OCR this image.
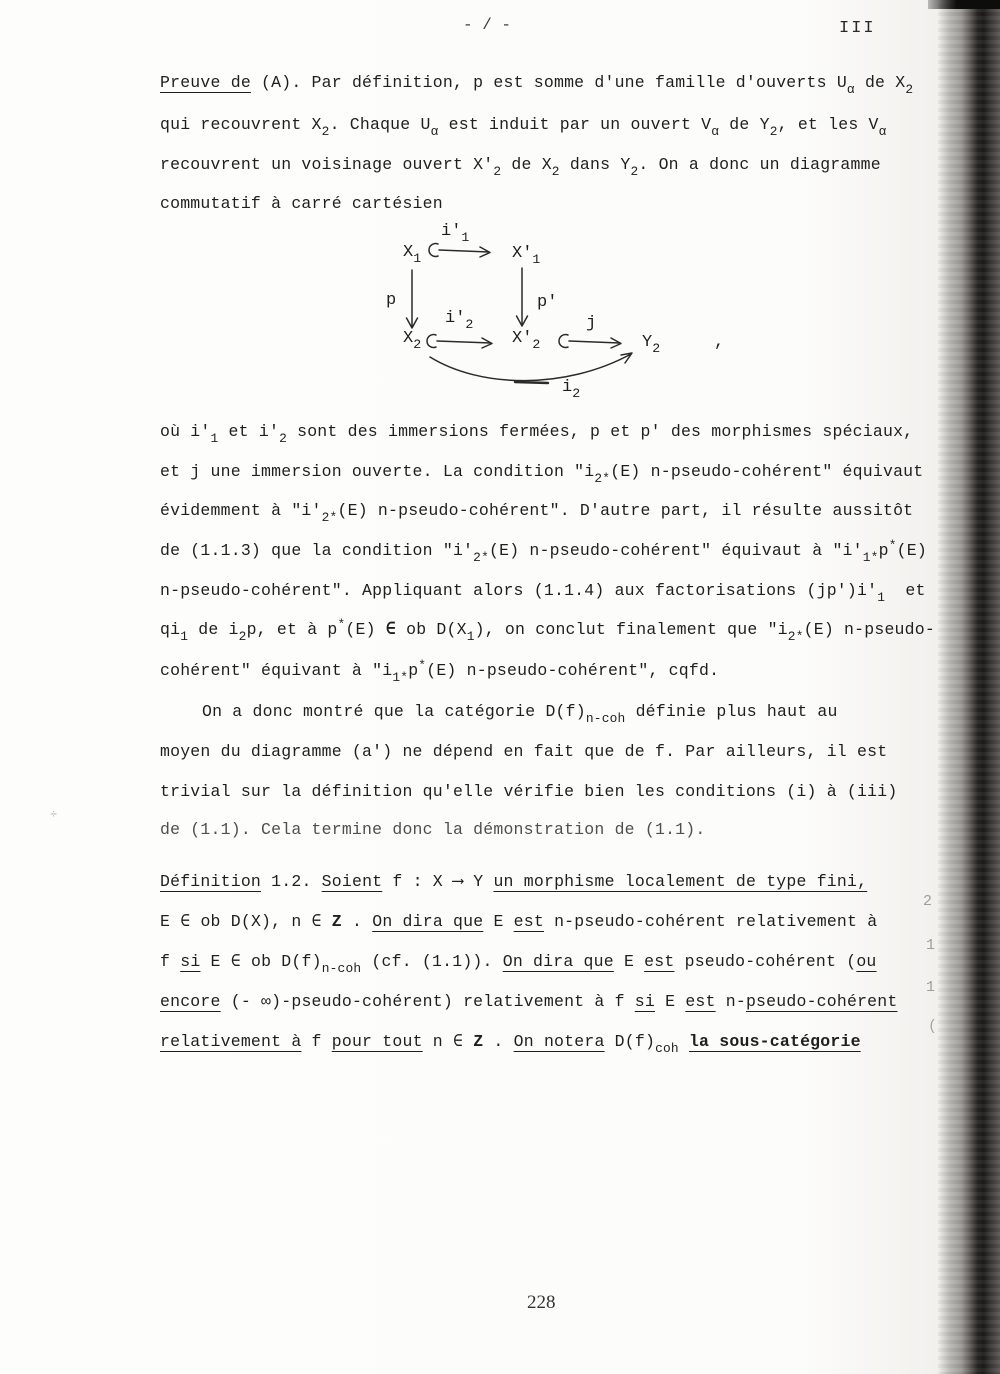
- / -	III
Preuve de (A). Par définition, p est somme d'une famille d'ouverts $U_\alpha$ de $X_2$
qui recouvrent $X_2$. Chaque $U_\alpha$ est induit par un ouvert $V_\alpha$ de $Y_2$, et les $V_\alpha$
recouvrent un voisinage ouvert $X'_2$ de $X_2$ dans $Y_2$. On a donc un diagramme
commutatif à carré cartésien
où $i'_1$ et $i'_2$ sont des immersions fermées, p et p' des morphismes spéciaux,
et j une immersion ouverte. La condition "$i_{2*}(E)$ n-pseudo-cohérent" équivaut
évidemment à "$i'_{2*}(E)$ n-pseudo-cohérent". D'autre part, il résulte aussitôt
de (1.1.3) que la condition "$i'_{2*}(E)$ n-pseudo-cohérent" équivaut à "$i'_{1*}p^*(E)$
n-pseudo-cohérent". Appliquant alors (1.1.4) aux factorisations $(jp')i'_1$  et
$qi_1$ de $i_2p$, et à p*(E) ∈ ob $D(X_1)$, on conclut finalement que "$i_{2*}(E)$ n-pseudo-
cohérent" équivant à "$i_{1*}p^*(E)$ n-pseudo-cohérent", cqfd.
On a donc montré que la catégorie $D(f)_{n-coh}$ définie plus haut au
moyen du diagramme (a') ne dépend en fait que de f. Par ailleurs, il est
trivial sur la définition qu'elle vérifie bien les conditions (i) à (iii)
de (1.1). Cela termine donc la démonstration de (1.1).
Définition 1.2. Soient f : X ⟶ Y un morphisme localement de type fini,
E ∈ ob D(X), n ∈ Z . On dira que E est n-pseudo-cohérent relativement à
f si E ∈ ob $D(f)_{n-coh}$ (cf. (1.1)). On dira que E est pseudo-cohérent (ou
encore (- ∞)-pseudo-cohérent) relativement à f si E est n-pseudo-cohérent
relativement à f pour tout n ∈ Z . On notera $D(f)_{coh}$ la sous-catégorie
$i'_1$
$X_1$	$X'_1$
p	p'
$i'_2$
$X_2$	$X'_2$
j
$Y_2$	,
$i_2$
÷
2
1
1
(
228
